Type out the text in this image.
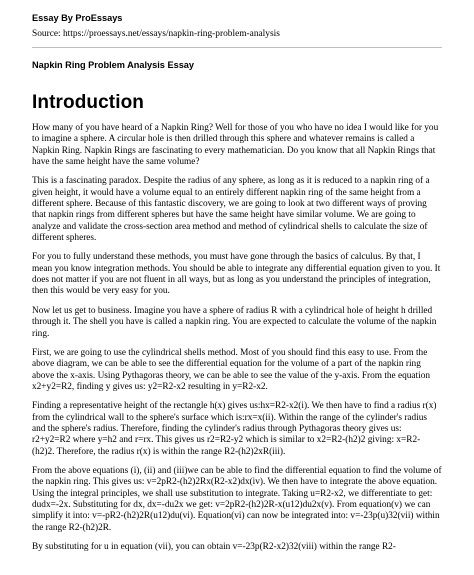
Essay By ProEssays

Source: https://proessays.net/essays/napkin-ring-problem-analysis

Napkin Ring Problem Analysis Essay

Introduction

How many of you have heard of a Napkin Ring? Well for those of you who have no idea I would like for you to imagine a sphere. A circular hole is then drilled through this sphere and whatever remains is called a Napkin Ring. Napkin Rings are fascinating to every mathematician. Do you know that all Napkin Rings that have the same height have the same volume?

This is a fascinating paradox. Despite the radius of any sphere, as long as it is reduced to a napkin ring of a given height, it would have a volume equal to an entirely different napkin ring of the same height from a different sphere. Because of this fantastic discovery, we are going to look at two different ways of proving that napkin rings from different spheres but have the same height have similar volume. We are going to analyze and validate the cross-section area method and method of cylindrical shells to calculate the size of different spheres.

For you to fully understand these methods, you must have gone through the basics of calculus. By that, I mean you know integration methods. You should be able to integrate any differential equation given to you. It does not matter if you are not fluent in all ways, but as long as you understand the principles of integration, then this would be very easy for you.

Now let us get to business. Imagine you have a sphere of radius R with a cylindrical hole of height h drilled through it. The shell you have is called a napkin ring. You are expected to calculate the volume of the napkin ring.

First, we are going to use the cylindrical shells method. Most of you should find this easy to use. From the above diagram, we can be able to see the differential equation for the volume of a part of the napkin ring above the x-axis. Using Pythagoras theory, we can be able to see the value of the y-axis. From the equation x2+y2=R2, finding y gives us: y2=R2-x2 resulting in y=R2-x2.

Finding a representative height of the rectangle h(x) gives us:hx=R2-x2(i). We then have to find a radius r(x) from the cylindrical wall to the sphere's surface which is:rx=x(ii). Within the range of the cylinder's radius and the sphere's radius. Therefore, finding the cylinder's radius through Pythagoras theory gives us: r2+y2=R2 where y=h2 and r=rx. This gives us r2=R2-y2 which is similar to x2=R2-(h2)2 giving: x=R2-(h2)2. Therefore, the radius r(x) is within the range R2-(h2)2xR(iii).

From the above equations (i), (ii) and (iii)we can be able to find the differential equation to find the volume of the napkin ring. This gives us: v=2pR2-(h2)2Rx(R2-x2)dx(iv). We then have to integrate the above equation. Using the integral principles, we shall use substitution to integrate. Taking u=R2-x2, we differentiate to get: dudx=-2x. Substituting for dx, dx=-du2x we get: v=2pR2-(h2)2R-x(u12)du2x(v). From equation(v) we can simplify it into: v=-pR2-(h2)2R(u12)du(vi). Equation(vi) can now be integrated into: v=-23p(u)32(vii) within the range R2-(h2)2R.

By substituting for u in equation (vii), you can obtain v=-23p(R2-x2)32(viii) within the range R2-
